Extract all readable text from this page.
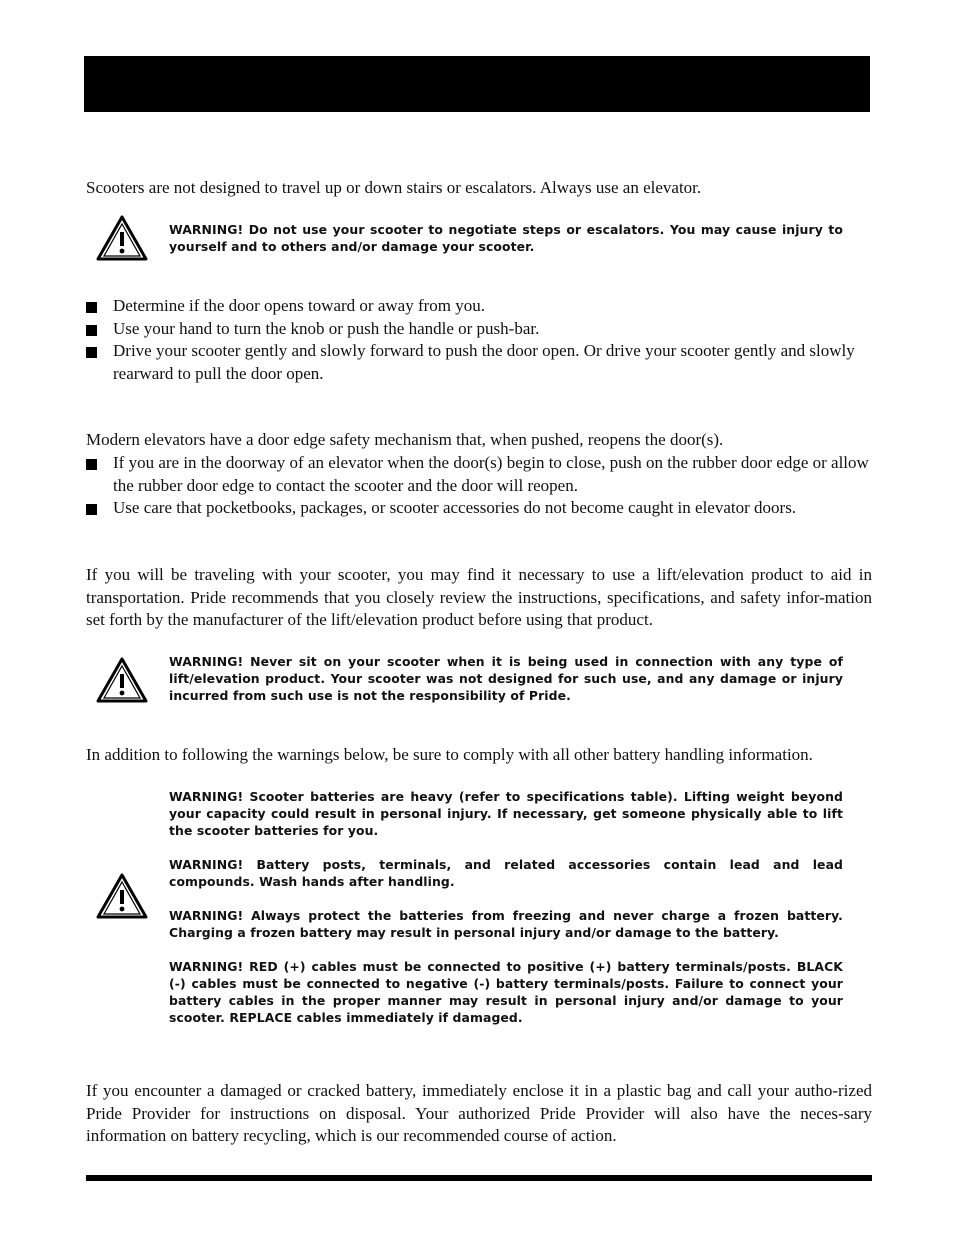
Scooters are not designed to travel up or down stairs or escalators. Always use an elevator.
WARNING! Do not use your scooter to negotiate steps or escalators. You may cause injury to yourself and to others and/or damage your scooter.
Determine if the door opens toward or away from you.
Use your hand to turn the knob or push the handle or push-bar.
Drive your scooter gently and slowly forward to push the door open. Or drive your scooter gently and slowly rearward to pull the door open.
Modern elevators have a door edge safety mechanism that, when pushed, reopens the door(s).
If you are in the doorway of an elevator when the door(s) begin to close, push on the rubber door edge or allow the rubber door edge to contact the scooter and the door will reopen.
Use care that pocketbooks, packages, or scooter accessories do not become caught in elevator doors.
If you will be traveling with your scooter, you may find it necessary to use a lift/elevation product to aid in transportation. Pride recommends that you closely review the instructions, specifications, and safety infor-mation set forth by the manufacturer of the lift/elevation product before using that product.
WARNING! Never sit on your scooter when it is being used in connection with any type of lift/elevation product. Your scooter was not designed for such use, and any damage or injury incurred from such use is not the responsibility of Pride.
In addition to following the warnings below, be sure to comply with all other battery handling information.
WARNING! Scooter batteries are heavy (refer to specifications table). Lifting weight beyond your capacity could result in personal injury. If necessary, get someone physically able to lift the scooter batteries for you.
WARNING! Battery posts, terminals, and related accessories contain lead and lead compounds. Wash hands after handling.
WARNING! Always protect the batteries from freezing and never charge a frozen battery. Charging a frozen battery may result in personal injury and/or damage to the battery.
WARNING! RED (+) cables must be connected to positive (+) battery terminals/posts. BLACK (-) cables must be connected to negative (-) battery terminals/posts. Failure to connect your battery cables in the proper manner may result in personal injury and/or damage to your scooter. REPLACE cables immediately if damaged.
If you encounter a damaged or cracked battery, immediately enclose it in a plastic bag and call your autho-rized Pride Provider for instructions on disposal. Your authorized Pride Provider will also have the neces-sary information on battery recycling, which is our recommended course of action.
